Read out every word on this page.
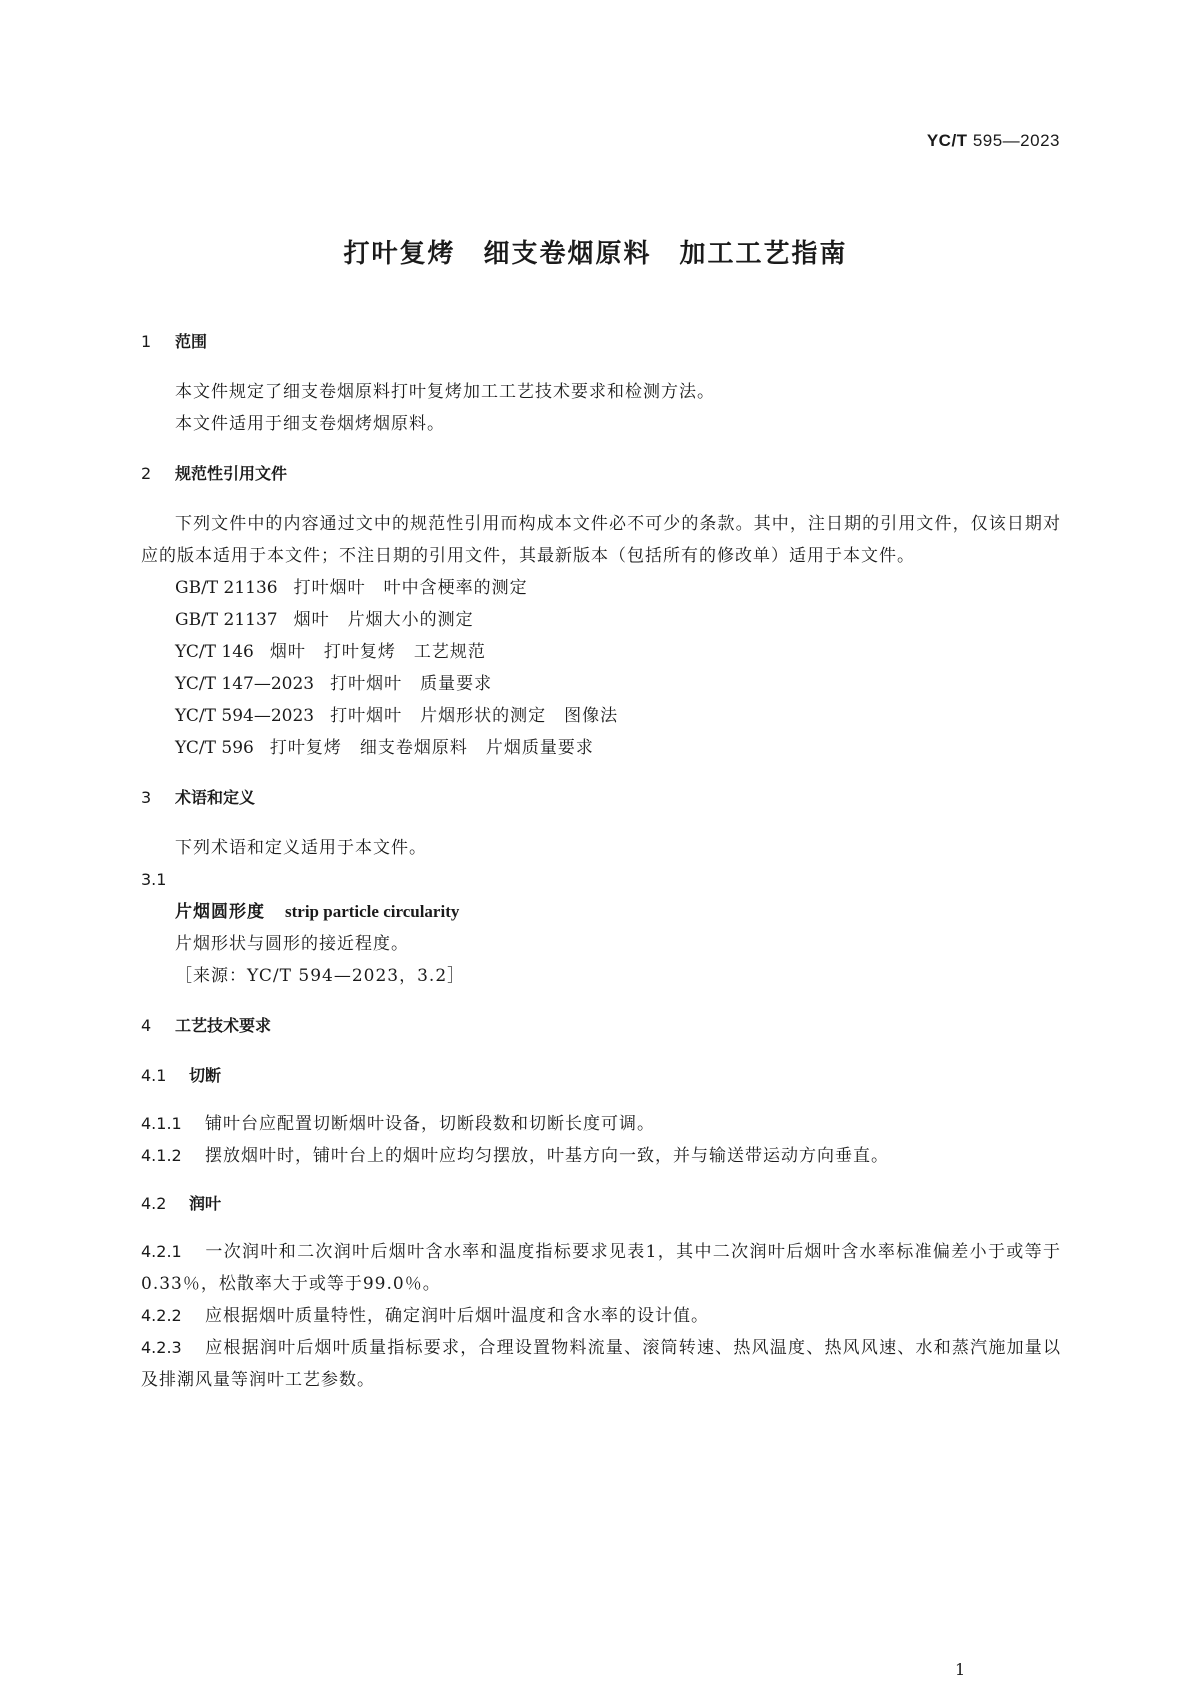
YC/T 595—2023
打叶复烤　细支卷烟原料　加工工艺指南
1 范围
本文件规定了细支卷烟原料打叶复烤加工工艺技术要求和检测方法。
本文件适用于细支卷烟烤烟原料。
2 规范性引用文件
下列文件中的内容通过文中的规范性引用而构成本文件必不可少的条款。其中，注日期的引用文件，仅该日期对应的版本适用于本文件；不注日期的引用文件，其最新版本（包括所有的修改单）适用于本文件。
GB/T 21136 打叶烟叶 叶中含梗率的测定
GB/T 21137 烟叶 片烟大小的测定
YC/T 146 烟叶 打叶复烤 工艺规范
YC/T 147—2023 打叶烟叶 质量要求
YC/T 594—2023 打叶烟叶 片烟形状的测定 图像法
YC/T 596 打叶复烤 细支卷烟原料 片烟质量要求
3 术语和定义
下列术语和定义适用于本文件。
3.1
片烟圆形度 strip particle circularity
片烟形状与圆形的接近程度。
［来源：YC/T 594—2023，3.2］
4 工艺技术要求
4.1 切断
4.1.1 铺叶台应配置切断烟叶设备，切断段数和切断长度可调。
4.1.2 摆放烟叶时，铺叶台上的烟叶应均匀摆放，叶基方向一致，并与输送带运动方向垂直。
4.2 润叶
4.2.1 一次润叶和二次润叶后烟叶含水率和温度指标要求见表1，其中二次润叶后烟叶含水率标准偏差小于或等于0.33％，松散率大于或等于99.0％。
4.2.2 应根据烟叶质量特性，确定润叶后烟叶温度和含水率的设计值。
4.2.3 应根据润叶后烟叶质量指标要求，合理设置物料流量、滚筒转速、热风温度、热风风速、水和蒸汽施加量以及排潮风量等润叶工艺参数。
1
